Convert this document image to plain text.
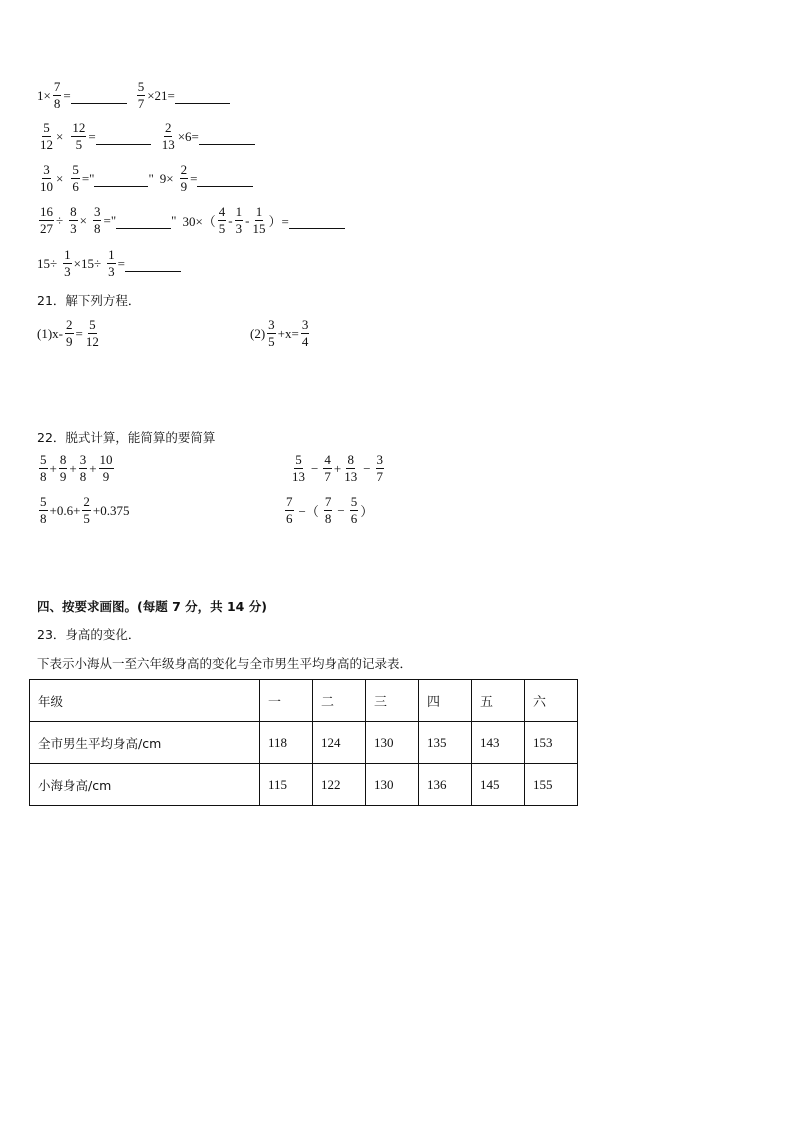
$1 \times \frac{7}{8}$ =	$\frac{5}{7} \times 21=$
$\frac{5}{12} \times \frac{12}{5}$ =	$\frac{2}{13} \times 6=$
$\frac{3}{10} \times \frac{5}{6}$ ="	" $9\times \frac{2}{9}$ =
$\frac{16}{27} \div \frac{8}{3} \times \frac{3}{8}$ ="	" 30×（
4
5
-
1
3
-
1
15 ）=
$15\div \frac{1}{3} \times 15\div \frac{1}{3}$ =
21．解下列方程．
$(1)x- \frac{2}{9} = \frac{5}{12}$	(2)
3
5
$+x= \frac{3}{4}$
22．脱式计算，能简算的要简算
5
8
+ $\frac{8}{9} + \frac{3}{8} + \frac{10}{9}$	5
13
− $\frac{4}{7} + \frac{8}{13} - \frac{3}{7}$
5
8
$+0.6+ \frac{2}{5} +0.375$
7
6 −（
7
8
− $\frac{5}{6}$ ）
四、按要求画图。(每题 7 分，共 14 分)
23．身高的变化．
下表示小海从一至六年级身高的变化与全市男生平均身高的记录表．
年级	一	二	三	四	五	六
全市男生平均身高/cm	118	124	130	135	143	153
小海身高/cm	115	122	130	136	145	155
